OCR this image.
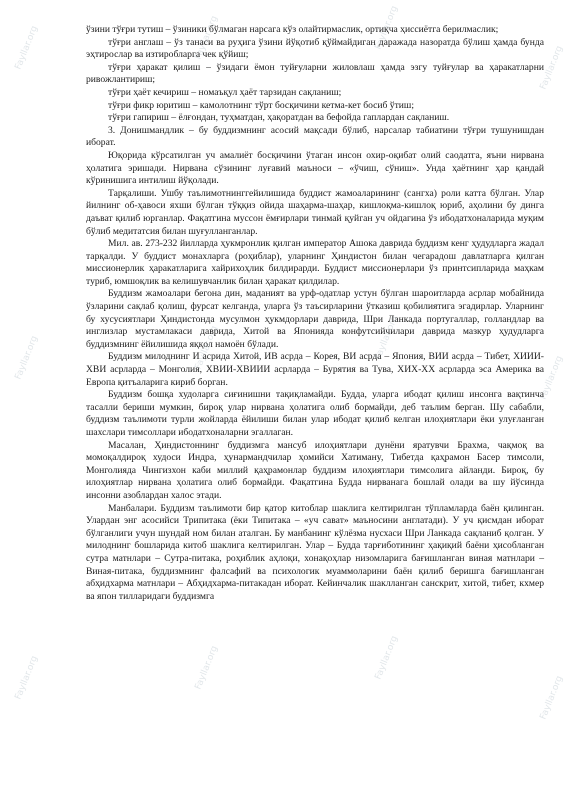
Fayllar.org
Fayllar.org
Fayllar.org
Fayllar.org
Fayllar.org
Fayllar.org
Fayllar.org
Fayllar.org
Fayllar.org
Fayllar.org
Fayllar.org
Fayllar.org

ўзини тўғри тутиш – ўзиники бўлмаган нарсага кўз олайтирмаслик, ортиқча ҳиссиётга берилмаслик;

тўғри англаш – ўз танаси ва руҳига ўзини йўқотиб қўймайдиган даражада назоратда бўлиш ҳамда бунда эҳтирослар ва изтиробларга чек қўйиш;

тўғри ҳаракат қилиш – ўзидаги ёмон туйғуларни жиловлаш ҳамда эзгу туйғулар ва ҳаракатларни ривожлантириш;

тўғри ҳаёт кечириш – номаъқул ҳаёт тарзидан сақланиш;

тўғри фикр юритиш – камолотнинг тўрт босқичини кетма-кет босиб ўтиш;

тўғри гапириш – ёлғондан, туҳматдан, ҳақоратдан ва бефойда гаплардан сақланиш.

3. Донишмандлик – бу буддизмнинг асосий мақсади бўлиб, нарсалар табиатини тўғри тушунишдан иборат.

Юқорида кўрсатилган уч амалиёт босқичини ўтаган инсон охир-оқибат олий саодатга, яъни нирвана ҳолатига эришади. Нирвана сўзининг луғавий маъноси – «ўчиш, сўниш». Унда ҳаётнинг ҳар қандай кўринишига интилиш йўқолади.

Тарқалиши. Ушбу таълимотнинггейилишида буддист жамоаларининг (сангха) роли катта бўлган. Улар йилнинг об-ҳавоси яхши бўлган тўққиз ойида шаҳарма-шаҳар, кишлоқма-кишлоқ юриб, аҳолини бу динга даъват қилиб юрганлар. Фақатгина муссон ёмғирлари тинмай қуйган уч ойдагина ўз ибодатхоналарида муқим бўлиб медитатсия билан шуғулланганлар.

Мил. ав. 273-232 йилларда ҳукмронлик қилган император Ашока даврида буддизм кенг ҳудудларга жадал тарқалди. У буддист монахларга (роҳиблар), уларнинг Ҳиндистон билан чегарадош давлатларга қилган миссионерлик ҳаракатларига хайрихоҳлик билдирарди. Буддист миссионерлари ўз принтсипларида маҳкам туриб, юмшоқлик ва келишувчанлик билан ҳаракат қилдилар.

Буддизм жамоалари бегона дин, маданият ва урф-одатлар устун бўлган шароитларда асрлар мобайнида ўзларини сақлаб қолиш, фурсат келганда, уларга ўз таъсирларини ўтказиш қобилиятига эгадирлар. Уларнинг бу хусусиятлари Ҳиндистонда мусулмон ҳукмдорлари даврида, Шри Ланкада португаллар, голландлар ва инглизлар мустамлакаси даврида, Хитой ва Японияда конфутсийчилари даврида мазкур ҳудудларга буддизмнинг ёйилишида яққол намоён бўлади.

Буддизм милоднинг И асрида Хитой, ИВ асрда – Корея, ВИ асрда – Япония, ВИИ асрда – Тибет, ХИИИ-ХВИ асрларда – Монголия, ХВИИ-ХВИИИ асрларда – Бурятия ва Тува, ХИХ-ХХ асрларда эса Америка ва Европа қитъаларига кириб борган.

Буддизм бошқа худоларга сиғинишни тақиқламайди. Будда, уларга ибодат қилиш инсонга вақтинча тасалли бериши мумкин, бироқ улар нирвана ҳолатига олиб бормайди, деб таълим берган. Шу сабабли, буддизм таълимоти турли жойларда ёйилиши билан улар ибодат қилиб келган илоҳиятлари ёки улуғланган шахслари тимсоллари ибодатхоналарни эгаллаган.

Масалан, Ҳиндистоннинг буддизмга мансуб илоҳиятлари дунёни яратувчи Брахма, чақмоқ ва момоқалдироқ худоси Индра, ҳунармандчилар ҳомийси Хатиманy, Тибетда қаҳрамон Басер тимсоли, Монголияда Чингизхон каби миллий қаҳрамонлар буддизм илоҳиятлари тимсолига айланди. Бироқ, бу илоҳиятлар нирвана ҳолатига олиб бормайди. Фақатгина Будда нирванага бошлай олади ва шу йўсинда инсонни азоблардан халос этади.

Манбалари. Буддизм таълимоти бир қатор китоблар шаклига келтирилган тўпламларда баён қилинган. Улардан энг асосийси Трипитака (ёки Типитака – «уч сават» маъносини англатади). У уч қисмдан иборат бўлганлиги учун шундай ном билан аталган. Бу манбанинг кўлёзма нусхаси Шри Ланкада сақланиб қолган. У милоднинг бошларида китоб шаклига келтирилган. Улар – Будда тарғиботининг ҳақиқий баёни ҳисобланган сутра матнлари – Сутра-питака, роҳиблик аҳлоқи, хонақоҳлар низомларига бағишланган виная матнлари – Виная-питака, буддизмнинг фалсафий ва психологик муаммоларини баён қилиб беришга бағишланган абҳидхарма матнлари – Абҳидхарма-питакадан иборат. Кейинчалик шаклланган санскрит, хитой, тибет, кхмер ва япон тилларидаги буддизмга
